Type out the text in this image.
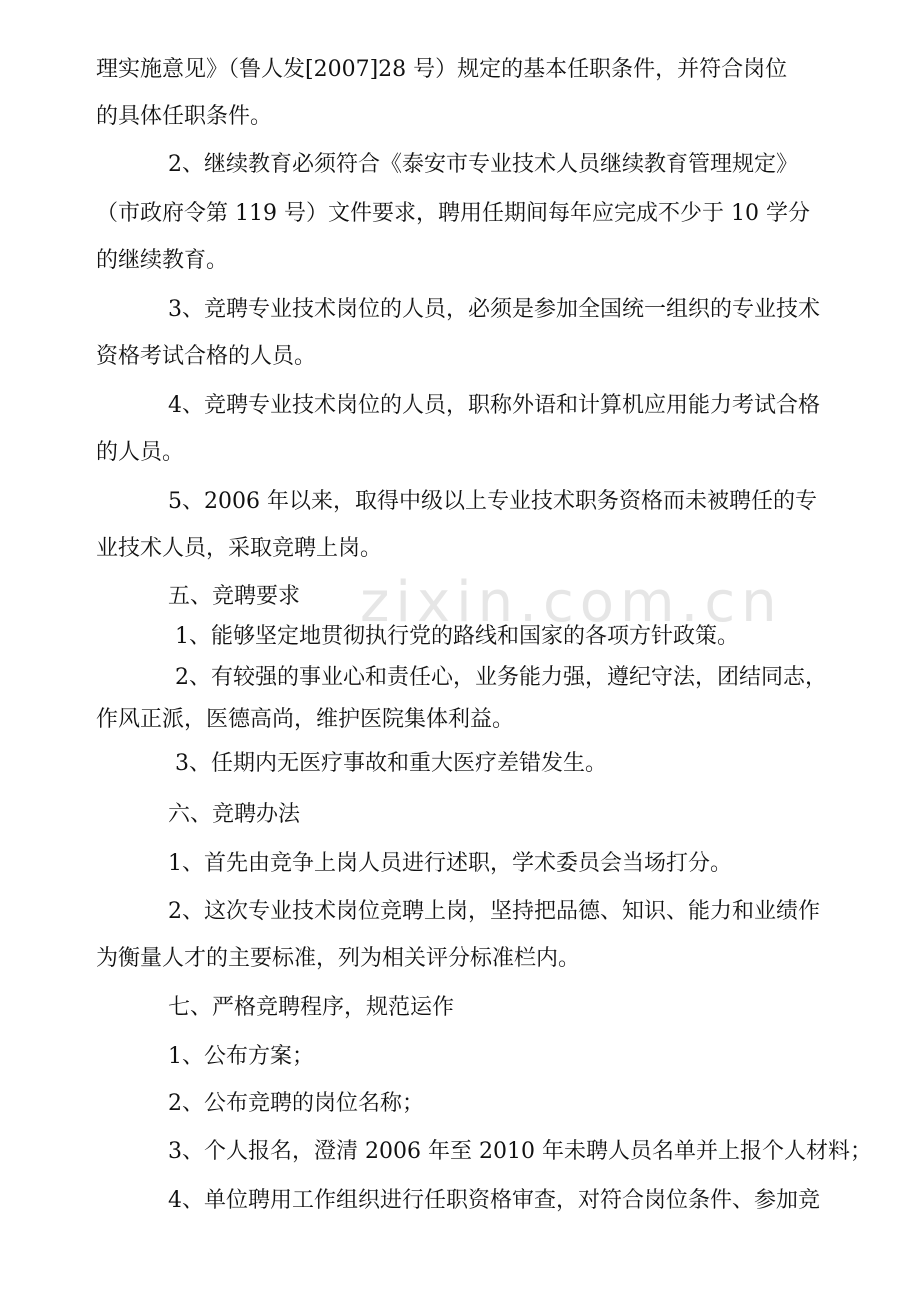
zixin.com.cn
理实施意见》（鲁人发[2007]28 号）规定的基本任职条件，并符合岗位
的具体任职条件。
2、继续教育必须符合《泰安市专业技术人员继续教育管理规定》
（市政府令第 119 号）文件要求，聘用任期间每年应完成不少于 10 学分
的继续教育。
3、竞聘专业技术岗位的人员，必须是参加全国统一组织的专业技术
资格考试合格的人员。
4、竞聘专业技术岗位的人员，职称外语和计算机应用能力考试合格
的人员。
5、2006 年以来，取得中级以上专业技术职务资格而未被聘任的专
业技术人员，采取竞聘上岗。
五、竞聘要求
1、能够坚定地贯彻执行党的路线和国家的各项方针政策。
2、有较强的事业心和责任心，业务能力强，遵纪守法，团结同志，
作风正派，医德高尚，维护医院集体利益。
3、任期内无医疗事故和重大医疗差错发生。
六、竞聘办法
1、首先由竞争上岗人员进行述职，学术委员会当场打分。
2、这次专业技术岗位竞聘上岗，坚持把品德、知识、能力和业绩作
为衡量人才的主要标准，列为相关评分标准栏内。
七、严格竞聘程序，规范运作
1、公布方案；
2、公布竞聘的岗位名称；
3、个人报名，澄清 2006 年至 2010 年未聘人员名单并上报个人材料；
4、单位聘用工作组织进行任职资格审查，对符合岗位条件、参加竞
